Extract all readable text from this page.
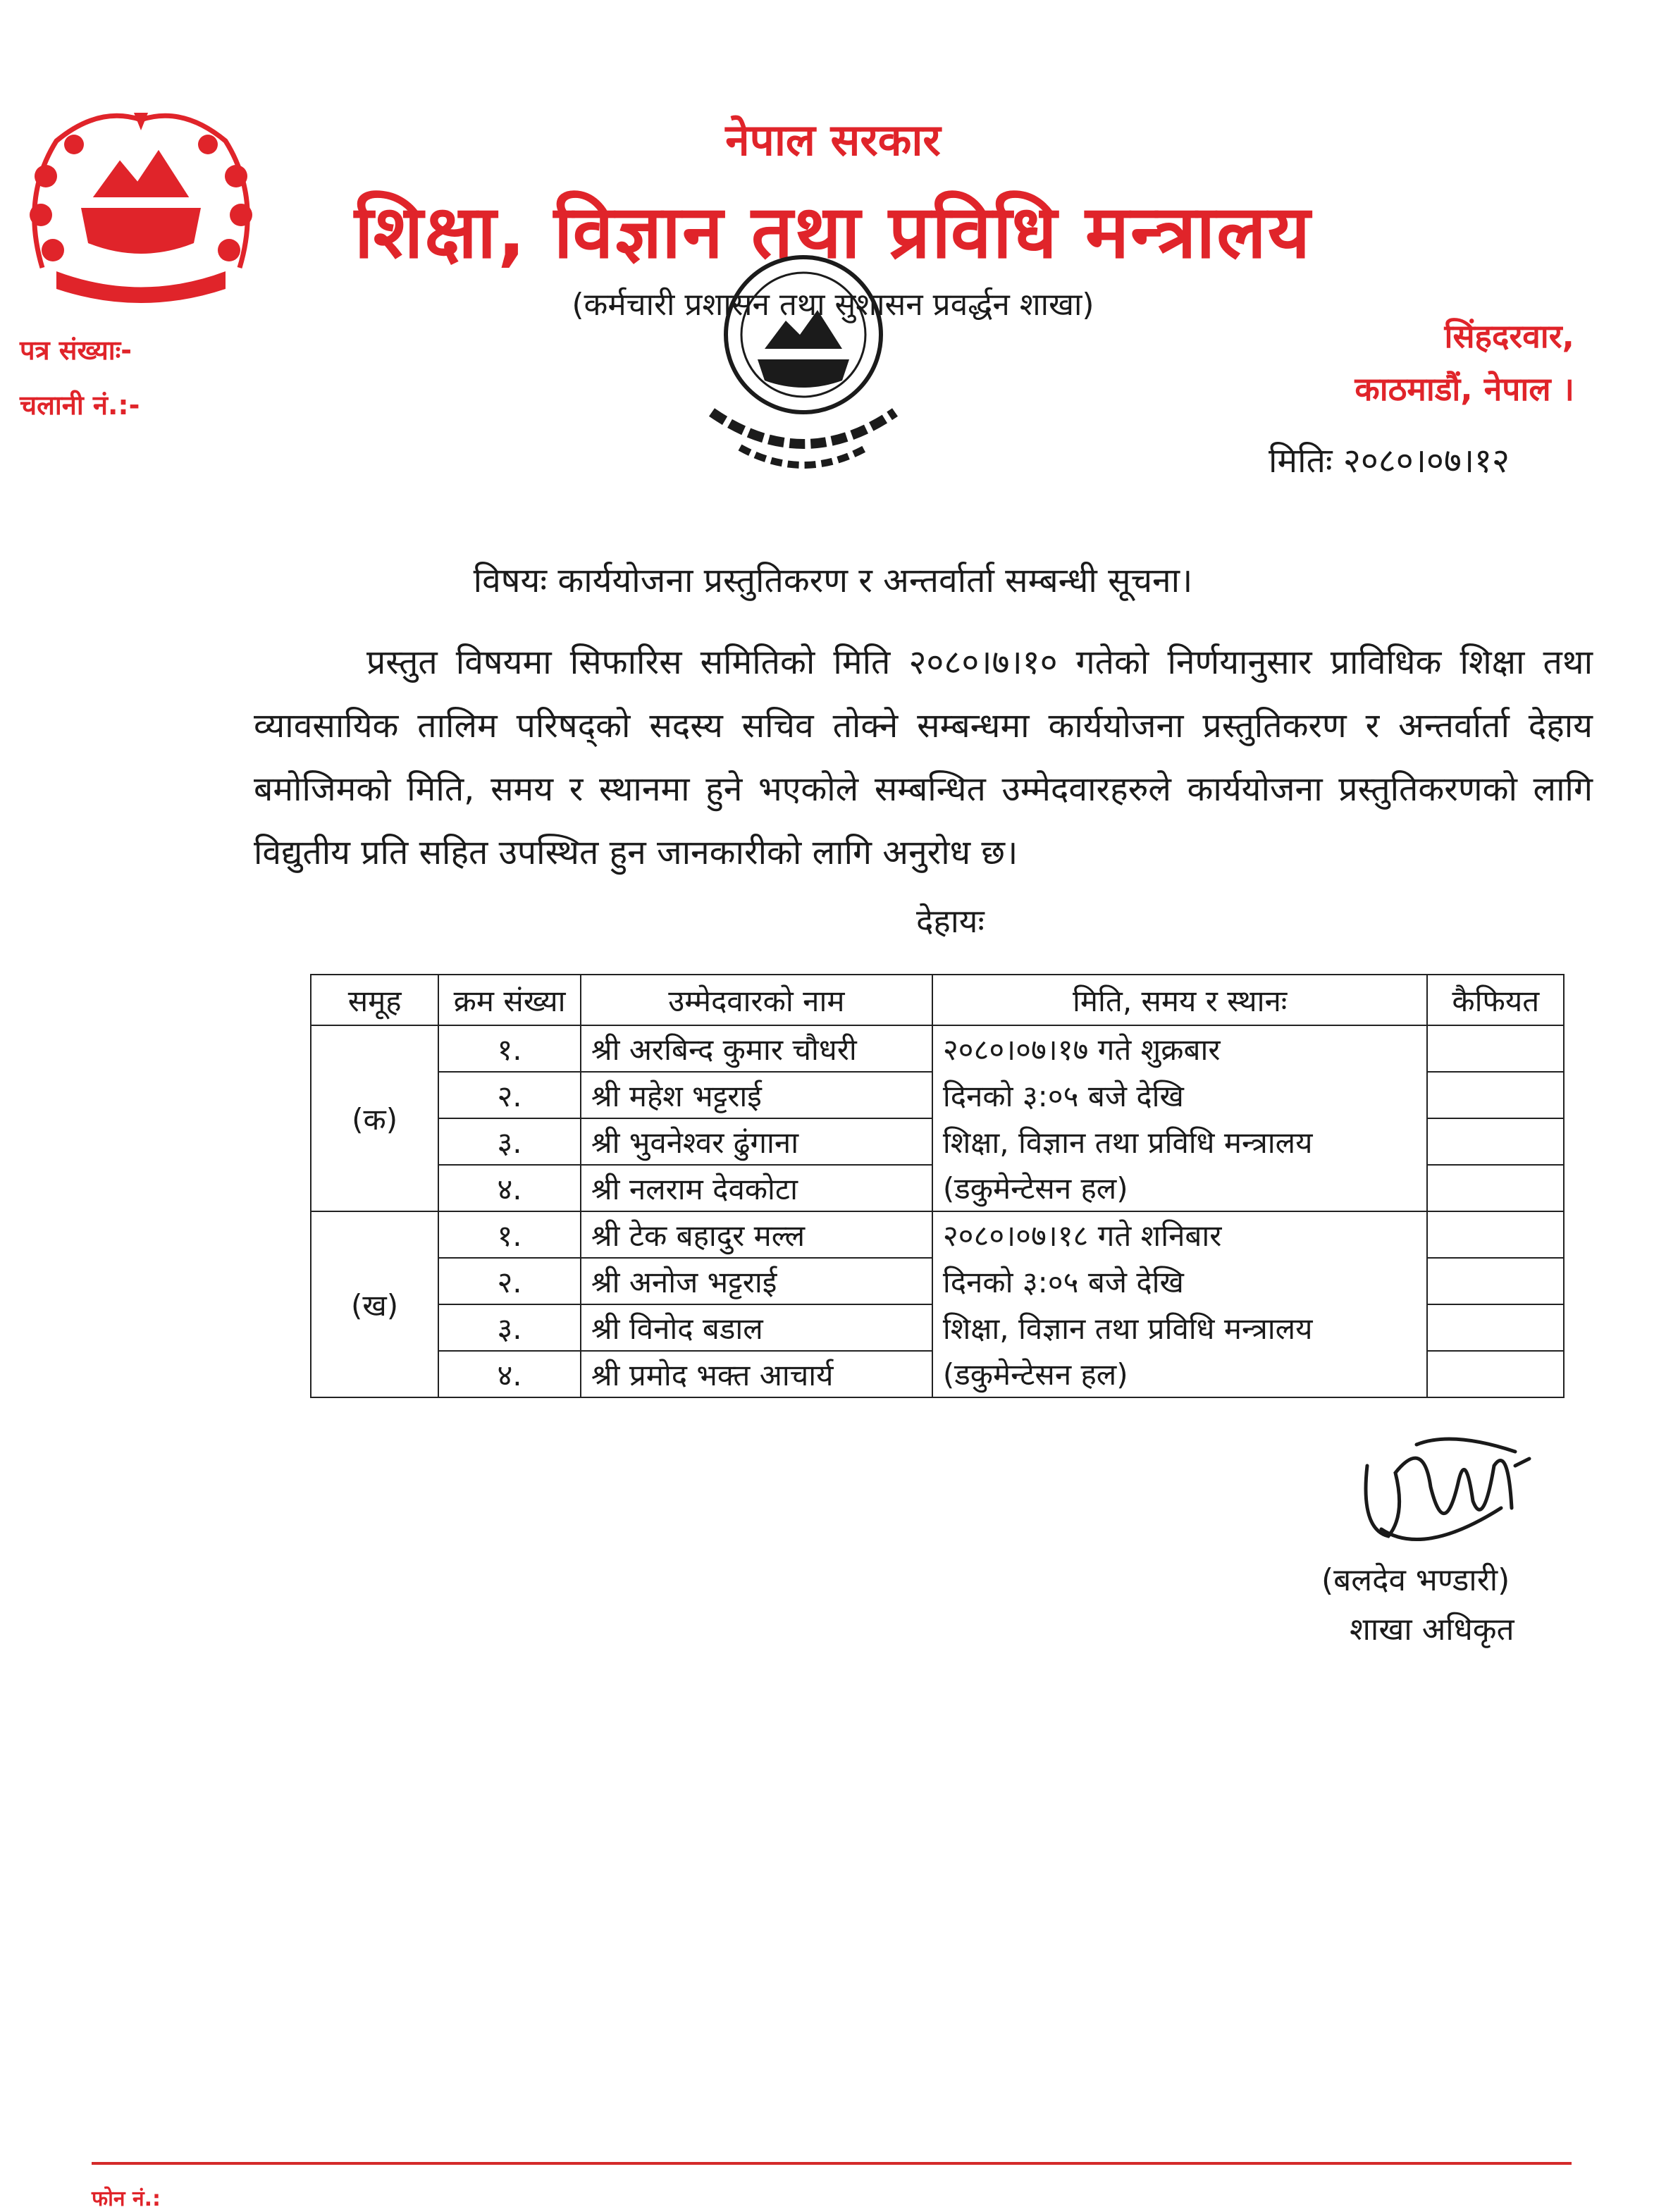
नेपाल सरकार
शिक्षा, विज्ञान तथा प्रविधि मन्त्रालय
(कर्मचारी प्रशासन तथा सुशासन प्रवर्द्धन शाखा)
पत्र संख्याः-
चलानी नं.:-
सिंहदरवार,
काठमाडौं, नेपाल ।
मितिः २०८०।०७।१२
विषयः कार्ययोजना प्रस्तुतिकरण र अन्तर्वार्ता सम्बन्धी सूचना।
प्रस्तुत विषयमा सिफारिस समितिको मिति २०८०।७।१० गतेको निर्णयानुसार प्राविधिक शिक्षा तथा व्यावसायिक तालिम परिषद्को सदस्य सचिव तोक्ने सम्बन्धमा कार्ययोजना प्रस्तुतिकरण र अन्तर्वार्ता देहाय बमोजिमको मिति, समय र स्थानमा हुने भएकोले सम्बन्धित उम्मेदवारहरुले कार्ययोजना प्रस्तुतिकरणको लागि विद्युतीय प्रति सहित उपस्थित हुन जानकारीको लागि अनुरोध छ।
देहायः
समूह	क्रम संख्या	उम्मेदवारको नाम	मिति, समय र स्थानः	कैफियत
(क)	१.	श्री अरबिन्द कुमार चौधरी	२०८०।०७।१७ गते शुक्रबार	
	२.	श्री महेश भट्टराई	दिनको ३:०५ बजे देखि	
	३.	श्री भुवनेश्वर ढुंगाना	शिक्षा, विज्ञान तथा प्रविधि मन्त्रालय	
	४.	श्री नलराम देवकोटा	(डकुमेन्टेसन हल)	
(ख)	१.	श्री टेक बहादुर मल्ल	२०८०।०७।१८ गते शनिबार	
	२.	श्री अनोज भट्टराई	दिनको ३:०५ बजे देखि	
	३.	श्री विनोद बडाल	शिक्षा, विज्ञान तथा प्रविधि मन्त्रालय	
	४.	श्री प्रमोद भक्त आचार्य	(डकुमेन्टेसन हल)	
(बलदेव भण्डारी)
शाखा अधिकृत
फोन नं.:
